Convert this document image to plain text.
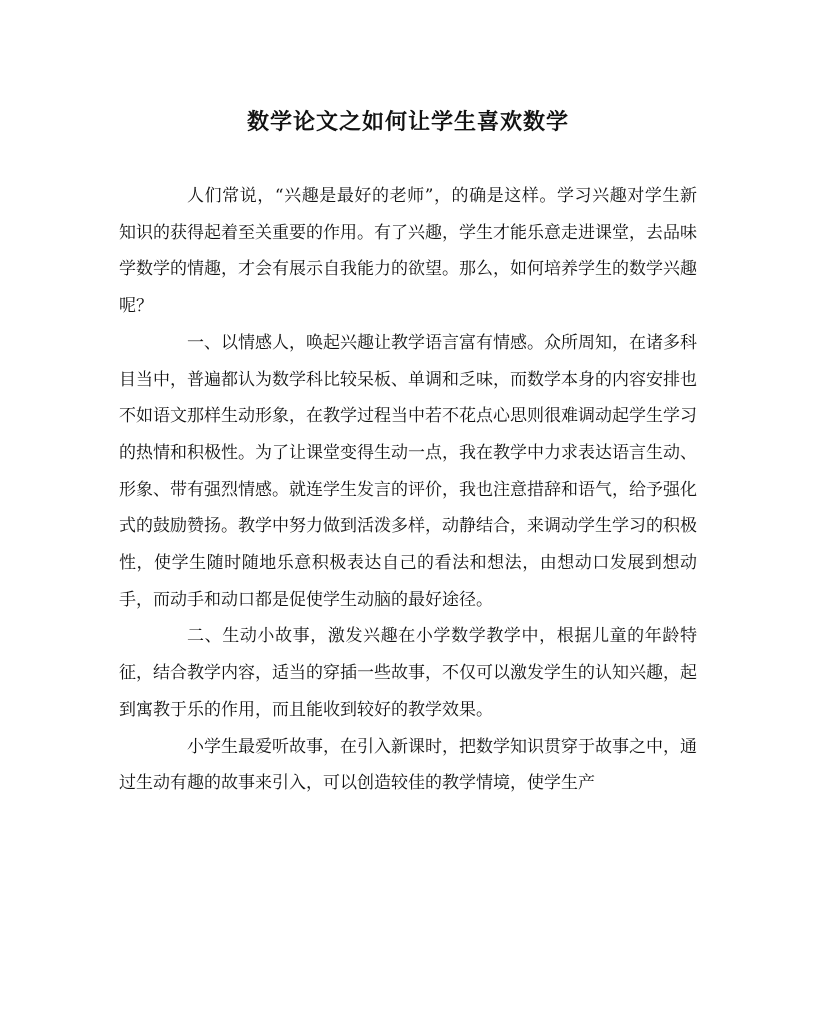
数学论文之如何让学生喜欢数学

人们常说，“兴趣是最好的老师”，的确是这样。学习兴趣对学生新知识的获得起着至关重要的作用。有了兴趣，学生才能乐意走进课堂，去品味学数学的情趣，才会有展示自我能力的欲望。那么，如何培养学生的数学兴趣呢？

一、以情感人，唤起兴趣让教学语言富有情感。众所周知，在诸多科目当中，普遍都认为数学科比较呆板、单调和乏味，而数学本身的内容安排也不如语文那样生动形象，在教学过程当中若不花点心思则很难调动起学生学习的热情和积极性。为了让课堂变得生动一点，我在教学中力求表达语言生动、形象、带有强烈情感。就连学生发言的评价，我也注意措辞和语气，给予强化式的鼓励赞扬。教学中努力做到活泼多样，动静结合，来调动学生学习的积极性，使学生随时随地乐意积极表达自己的看法和想法，由想动口发展到想动手，而动手和动口都是促使学生动脑的最好途径。

二、生动小故事，激发兴趣在小学数学教学中，根据儿童的年龄特征，结合教学内容，适当的穿插一些故事，不仅可以激发学生的认知兴趣，起到寓教于乐的作用，而且能收到较好的教学效果。

小学生最爱听故事，在引入新课时，把数学知识贯穿于故事之中，通过生动有趣的故事来引入，可以创造较佳的教学情境，使学生产
